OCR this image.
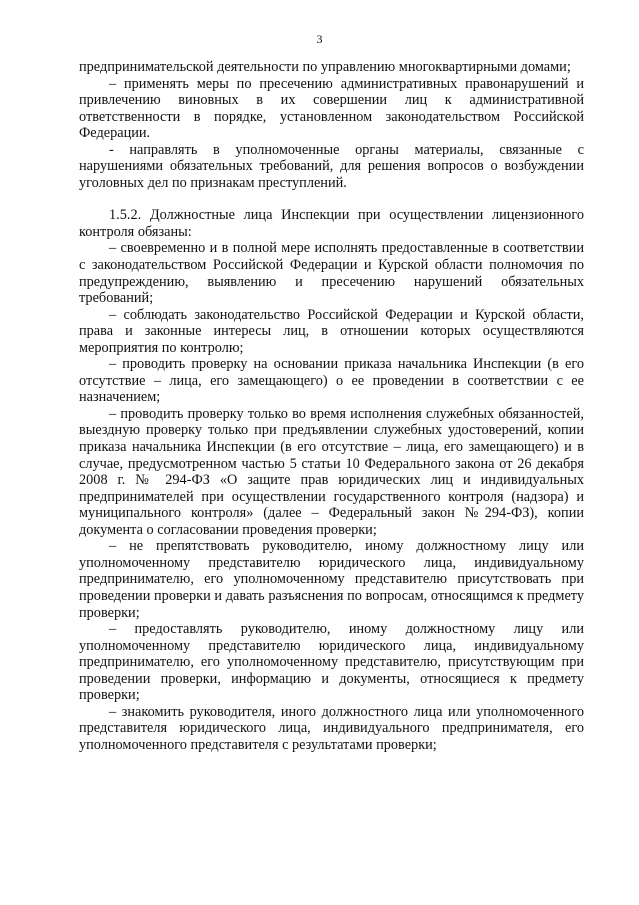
3

предпринимательской деятельности по управлению многоквартирными домами;

– применять меры по пресечению административных правонарушений и привлечению виновных в их совершении лиц к административной ответственности в порядке, установленном законодательством Российской Федерации.

- направлять в уполномоченные органы материалы, связанные с нарушениями обязательных требований, для решения вопросов о возбуждении уголовных дел по признакам преступлений.

1.5.2. Должностные лица Инспекции при осуществлении лицензионного контроля обязаны:

– своевременно и в полной мере исполнять предоставленные в соответствии с законодательством Российской Федерации и Курской области полномочия по предупреждению, выявлению и пресечению нарушений обязательных требований;

– соблюдать законодательство Российской Федерации и Курской области, права и законные интересы лиц, в отношении которых осуществляются мероприятия по контролю;

– проводить проверку на основании приказа начальника Инспекции (в его отсутствие – лица, его замещающего) о ее проведении в соответствии с ее назначением;

– проводить проверку только во время исполнения служебных обязанностей, выездную проверку только при предъявлении служебных удостоверений, копии приказа начальника Инспекции (в его отсутствие – лица, его замещающего) и в случае, предусмотренном частью 5 статьи 10 Федерального закона от 26 декабря 2008 г. № 294-ФЗ «О защите прав юридических лиц и индивидуальных предпринимателей при осуществлении государственного контроля (надзора) и муниципального контроля» (далее – Федеральный закон №294-ФЗ), копии документа о согласовании проведения проверки;

– не препятствовать руководителю, иному должностному лицу или уполномоченному представителю юридического лица, индивидуальному предпринимателю, его уполномоченному представителю присутствовать при проведении проверки и давать разъяснения по вопросам, относящимся к предмету проверки;

– предоставлять руководителю, иному должностному лицу или уполномоченному представителю юридического лица, индивидуальному предпринимателю, его уполномоченному представителю, присутствующим при проведении проверки, информацию и документы, относящиеся к предмету проверки;

– знакомить руководителя, иного должностного лица или уполномоченного представителя юридического лица, индивидуального предпринимателя, его уполномоченного представителя с результатами проверки;
